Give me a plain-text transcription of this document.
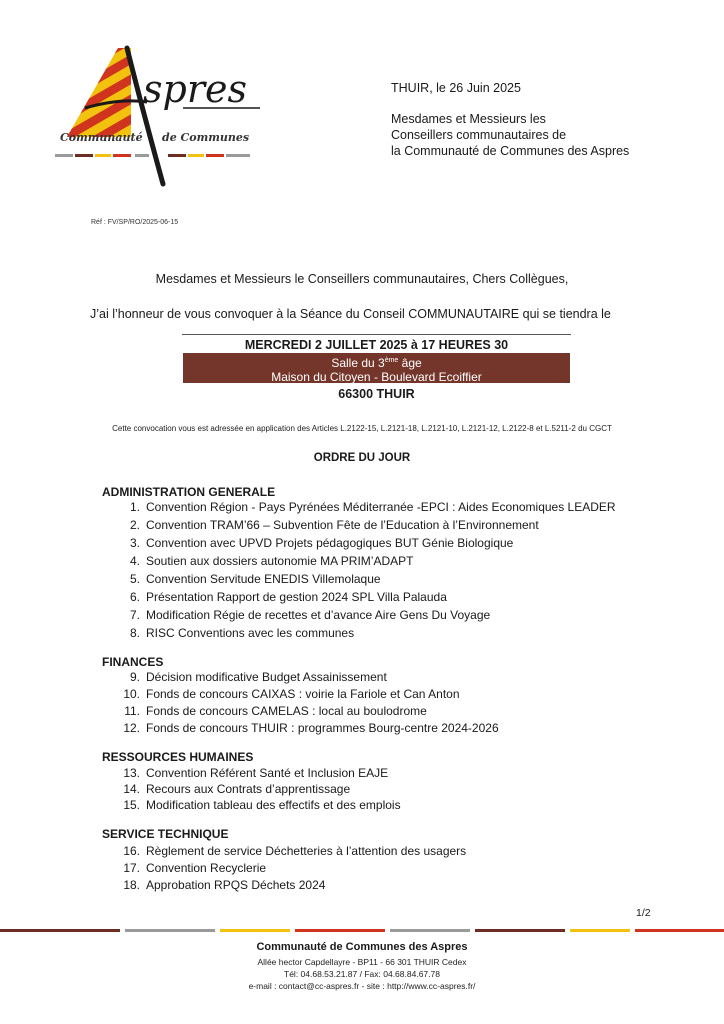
spres
Communauté de Communes
THUIR, le 26 Juin 2025
Mesdames et Messieurs les
Conseillers communautaires de
la Communauté de Communes des Aspres
Réf : FV/SP/RO/2025-06-15
Mesdames et Messieurs le Conseillers communautaires, Chers Collègues,
J’ai l’honneur de vous convoquer à la Séance du Conseil COMMUNAUTAIRE qui se tiendra le
MERCREDI 2 JUILLET 2025 à 17 HEURES 30
Salle du 3ème âge
Maison du Citoyen - Boulevard Ecoiffier
66300 THUIR
Cette convocation vous est adressée en application des Articles L.2122-15, L.2121-18, L.2121-10, L.2121-12, L.2122-8 et L.5211-2 du CGCT
ORDRE DU JOUR
ADMINISTRATION GENERALE
1. Convention Région - Pays Pyrénées Méditerranée -EPCI : Aides Economiques LEADER
2. Convention TRAM’66 – Subvention Fête de l’Education à l’Environnement
3. Convention avec UPVD Projets pédagogiques BUT Génie Biologique
4. Soutien aux dossiers autonomie MA PRIM’ADAPT
5. Convention Servitude ENEDIS Villemolaque
6. Présentation Rapport de gestion 2024 SPL Villa Palauda
7. Modification Régie de recettes et d’avance Aire Gens Du Voyage
8. RISC Conventions avec les communes
FINANCES
9. Décision modificative Budget Assainissement
10. Fonds de concours CAIXAS : voirie la Fariole et Can Anton
11. Fonds de concours CAMELAS : local au boulodrome
12. Fonds de concours THUIR : programmes Bourg-centre 2024-2026
RESSOURCES HUMAINES
13. Convention Référent Santé et Inclusion EAJE
14. Recours aux Contrats d’apprentissage
15. Modification tableau des effectifs et des emplois
SERVICE TECHNIQUE
16. Règlement de service Déchetteries à l’attention des usagers
17. Convention Recyclerie
18. Approbation RPQS Déchets 2024
1/2
Communauté de Communes des Aspres
Allée hector Capdellayre - BP11 - 66 301 THUIR Cedex
Tél: 04.68.53.21.87 / Fax: 04.68.84.67.78
e-mail : contact@cc-aspres.fr - site : http://www.cc-aspres.fr/
